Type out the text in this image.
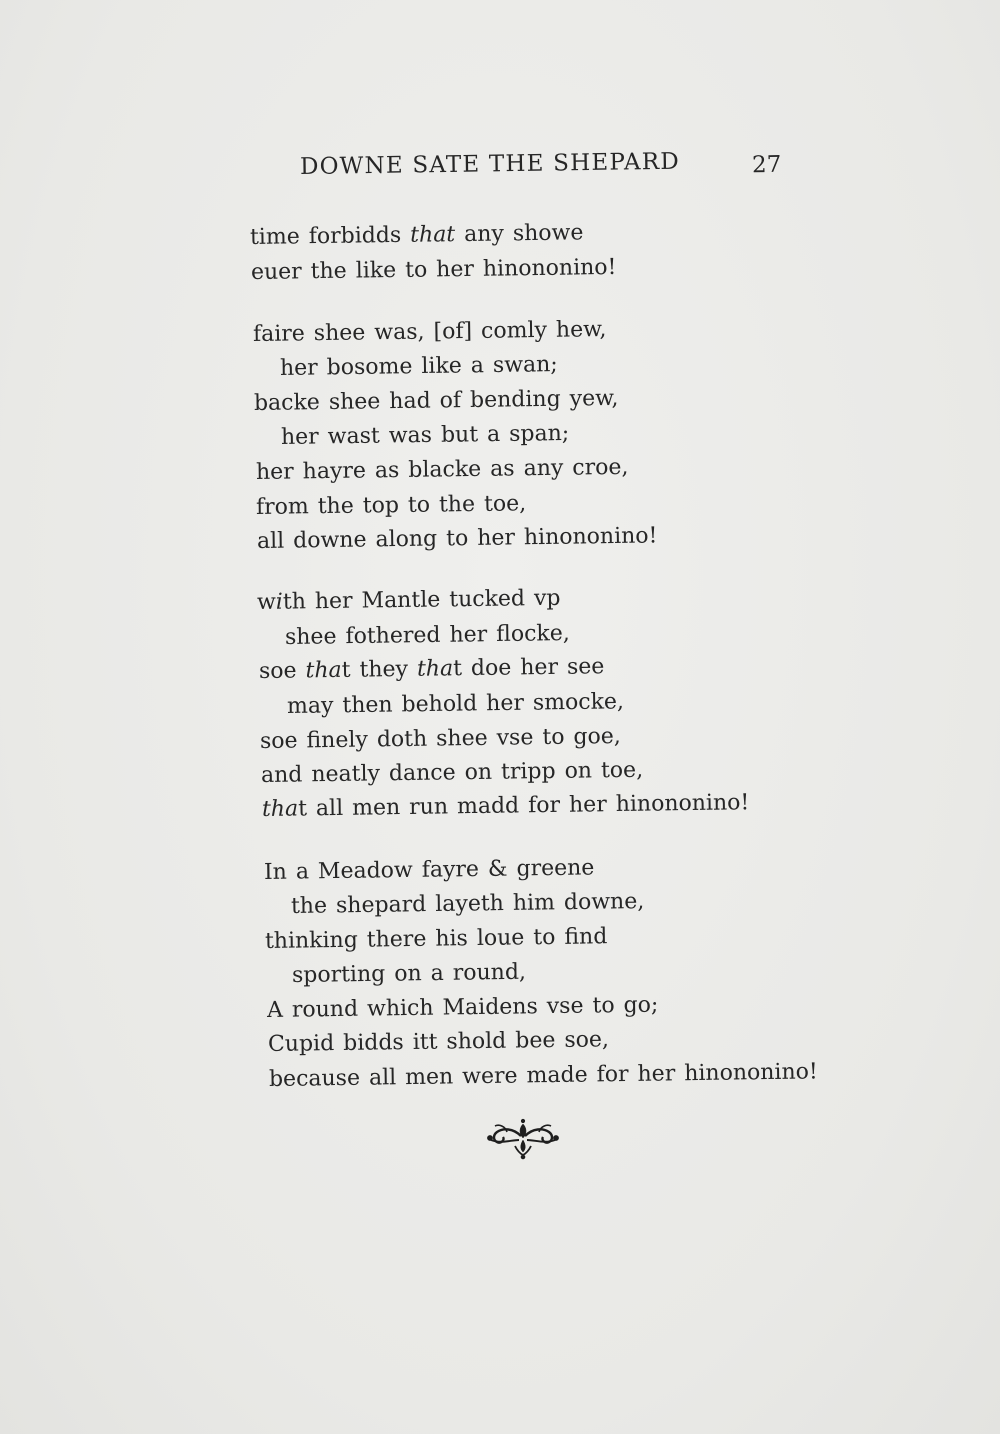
DOWNE SATE THE SHEPARD	27
time forbidds that any showe
euer the like to her hinononino!
faire shee was, [of] comly hew,
her bosome like a swan;
backe shee had of bending yew,
her wast was but a span;
her hayre as blacke as any croe,
from the top to the toe,
all downe along to her hinononino!
with her Mantle tucked vp
shee fothered her flocke,
soe that they that doe her see
may then behold her smocke,
soe finely doth shee vse to goe,
and neatly dance on tripp on toe,
that all men run madd for her hinononino!
In a Meadow fayre & greene
the shepard layeth him downe,
thinking there his loue to find
sporting on a round,
A round which Maidens vse to go;
Cupid bidds itt shold bee soe,
because all men were made for her hinononino!
